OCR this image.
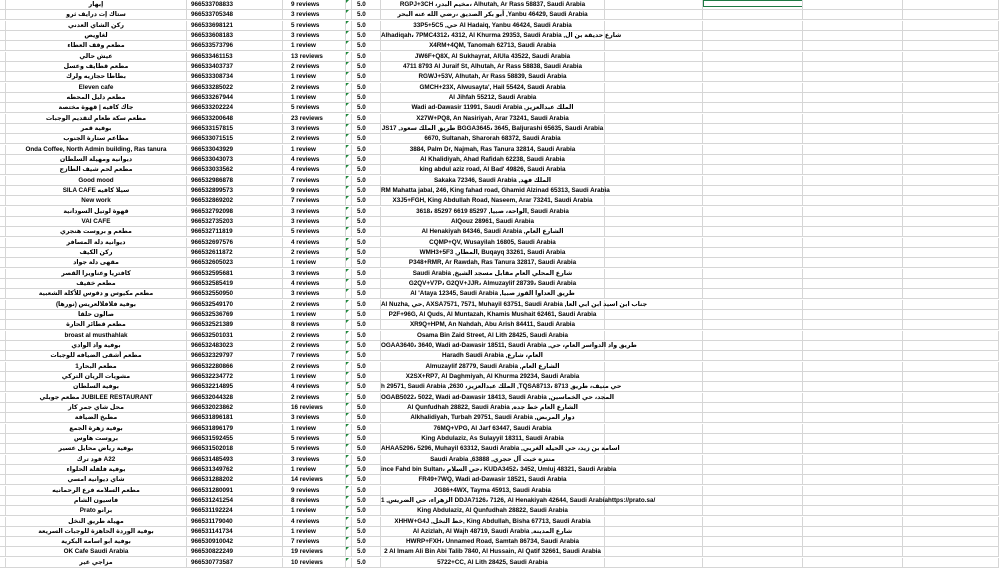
إبهار	966533708833	9 reviews	5.0	RGPJ+3CH ،مخيم البدر، Alhutah, Ar Rass 58837, Saudi Arabia
ستاك إت درايف ثرو	966533705348	3 reviews	5.0	أبو بكر الصديق ،رضي الله عنه البحر ,Yanbu 46429, Saudi Arabia
ركن الشاي العدني	966533698121	5 reviews	5.0	33P5+5C5 ,حي Al Hadaiq, Yanbu 46424, Saudi Arabia
لغاويص	966533608183	3 reviews	5.0	Alhadiqah، 7PMC4312، 4312, Al Khurma 29353, Saudi Arabia ,شارع حديقة بن ال
مطعم وقف العطاء	966533573796	1 review	5.0	X4RM+4QM, Tanomah 62713, Saudi Arabia
عيش حالي	966533461153	13 reviews	5.0	JW6F+Q8X, Al Sukhayrat, AlUla 43522, Saudi Arabia
مطعم قطايف وعسل	966533403737	2 reviews	5.0	4711 8793 Al Juraif St, Alhutah, Ar Rass 58838, Saudi Arabia
بطاطا حجازيه ولرك	966533308734	1 review	5.0	RGWJ+53V, Alhutah, Ar Rass 58839, Saudi Arabia
Eleven cafe	966533285022	2 reviews	5.0	GMCH+23X, Alwusayta', Hail 55424, Saudi Arabia
مطعم دليل المحطه	966533267944	1 review	5.0	Al Jihfah 55212, Saudi Arabia
جاك كافيه | قهوة مختصة	966533202224	5 reviews	5.0	Wadi ad-Dawasir 11991, Saudi Arabia ,الملك عبدالعزيز
مطعم سكة طعام لتقديم الوجبات	966533200648	23 reviews	5.0	X27W+PQ8, An Nasiriyah, Arar 73241, Saudi Arabia
بوفية قمر	966533157815	3 reviews	5.0	JS17 ,طريق الملك سعود BGGA3645، 3645, Baljurashi 65635, Saudi Arabia
مطاعم ستارة الجنوب	966533071515	2 reviews	5.0	6670, Sultanah, Sharorah 68372, Saudi Arabia
Onda Coffee, North Admin building, Ras tanura	966533043929	1 review	5.0	3884, Palm Dr, Najmah, Ras Tanura 32814, Saudi Arabia
ديوانية ومهيلة السلطان	966533043073	4 reviews	5.0	Al Khalidiyah, Ahad Rafidah 62238, Saudi Arabia
مطعم لحم شيف الطازج	966533033562	4 reviews	5.0	king abdul aziz road, Al Bad' 49826, Saudi Arabia
Good mood	966532986878	7 reviews	5.0	Sakaka 72346, Saudi Arabia ,الملك فهد
SILA CAFE سيلا كافيه	966532899573	9 reviews	5.0	RM Mahatta jabal, 246, King fahad road, Ghamid Alzinad 65313, Saudi Arabia
New work	966532869202	7 reviews	5.0	X3J5+FGH, King Abdullah Road, Naseem, Arar 73241, Saudi Arabia
قهوة لوتيل السودانية	966532792098	3 reviews	5.0	3618، 85297 6619 85297 ,الواحة، صبيا, Saudi Arabia
VAI CAFE	966532735203	3 reviews	5.0	AlQouz 28961, Saudi Arabia
مطعم و بروست هنجري	966532711819	5 reviews	5.0	Al Henakiyah 84346, Saudi Arabia ,الشارع العام
ديوانية دلة المسافر	966532697576	4 reviews	5.0	CQMP+QV, Wusayilah 16805, Saudi Arabia
ركن الكيف	966532611872	2 reviews	5.0	WMH3+5F3 ,المطار, Buqayq 33261, Saudi Arabia
مقهى دلة جواد	966532605023	1 review	5.0	P348+RMR, Ar Rawdah, Ras Tanura 32817, Saudi Arabia
كافتريا وعناويرا القصر	966532595681	3 reviews	5.0	Saudi Arabia ,شارع المحلي العام مقابل مسجد الشيخ
مطعم خفيف	966532585419	4 reviews	5.0	G2QV+V7P، G2QV+JJR، Almuzaylif 28739، Saudi Arabia
مطعم مكيوس و دقوس للأكلة الشعبية	966532550950	3 reviews	5.0	Al 'Ataya 12345, Saudi Arabia ,طريق العداوا القوز صبيا
بوفية فلافلالعريس (نورها)	966532549170	2 reviews	5.0	Al Nuzha, حي, AXSA7571, 7571, Muhayil 63751, Saudi Arabia ,جناب ابن اسيد ابن ابي العا
صالون حلقا	966532536769	1 review	5.0	P2F+96G, Al Quds, Al Muntazah, Khamis Mushait 62461, Saudi Arabia
مطعم قطائر الحارة	966532521389	8 reviews	5.0	XR9Q+HPM, An Nahdah, Abu Arish 84411, Saudi Arabia
broast al musthahlak	966532501031	2 reviews	5.0	Osama Bin Zaid Street, Al Lith 28425, Saudi Arabia
بوفية واد الوادي	966532483023	2 reviews	5.0	OGAA3640، 3640, Wadi ad-Dawasir 18511, Saudi Arabia ,طريق واد الدواسر العام، حي
مطعم أشقى الضيافه للوجبات	966532329797	7 reviews	5.0	Haradh Saudi Arabia ,العام، شارع
مطعم البحار1	966532280866	2 reviews	5.0	Almuzaylif 28779, Saudi Arabia ,الشارع العام
مشويات الريان التركي	966532234772	1 review	5.0	X2SX+RP7, Al Daghmiyah, Al Khurma 29234, Saudi Arabia
بوفية السلطان	966532214895	4 reviews	5.0	h 29571, Saudi Arabia ,الملك عبدالعزيز، 2630 ,TQSA8713، 8713 حي منيف، طريق
مطعم جوبلي JUBILEE RESTAURANT	966532044328	2 reviews	5.0	OGAB5022، 5022, Wadi ad-Dawasir 18413, Saudi Arabia ,المجد، حي الخماسين
محل شاي جمر كاز	966532023862	16 reviews	5.0	Al Qunfudhah 28822, Saudi Arabia ,الشارع العام خط جده
مطبخ الضيافة	966531896181	3 reviews	5.0	Alkhalidiyah, Turbah 29751, Saudi Arabia ,دوار المربض
بوفية زهرة الجمع	966531896179	1 review	5.0	76MQ+VPG, Al Jarf 63447, Saudi Arabia
بروست هاوس	966531592455	5 reviews	5.0	King Abdulaziz, As Sulayyil 18311, Saudi Arabia
بوفية رياض محايل عسير	966531502018	5 reviews	5.0	AHAA5296، 5296, Muhayil 63312, Saudi Arabia ,اسامة بن زيد، حي الحيلة الغربي
فود ترك A22	966531485493	3 reviews	5.0	Saudi Arabia ,63888 ,منتزه خبت آل حجري
بوفية فلفلة الحلواء	966531349762	1 review	5.0	ince Fahd bin Sultan، حي السلام، KUDA3452، 3452, Umluj 48321, Saudi Arabia
شاي ديوانية امسي	966531288202	14 reviews	5.0	FR49+7WQ, Wadi ad-Dawasir 18521, Saudi Arabia
مطعم السلامه فرع الرحمانيه	966531280091	9 reviews	5.0	JG86+4WX, Tayma 45913, Saudi Arabia
فاسيون الشام	966531241254	8 reviews	5.0	1 ,الزهراء، حي الضريس DDJA7126، 7126, Al Henakiyah 42644, Saudi Arabia https://prato.sa/
Prato برانو	966531192224	1 review	5.0	King Abdulaziz, Al Qunfudhah 28822, Saudi Arabia
مهيلة طريق النخل	966531179040	4 reviews	5.0	XHHW+G4J ,خط النخل, King Abdullah, Bisha 67713, Saudi Arabia
بوفية الوردة الحاهزة للوجبات السريعة	966531141734	1 review	5.0	Al Azizlah, Al Wajh 48719, Saudi Arabia ,شارع المدينة
بوفية ابو اسامه البكرية	966530910042	7 reviews	5.0	HWRP+FXH، Unnamed Road, Samtah 86734, Saudi Arabia
OK Cafe Saudi Arabia	966530822249	19 reviews	5.0	2 Al Imam Ali Bin Abi Talib 7840, Al Hussain, Al Qatif 32661, Saudi Arabia
مزاجي غير	966530773587	10 reviews	5.0	5722+CC, Al Lith 28425, Saudi Arabia
